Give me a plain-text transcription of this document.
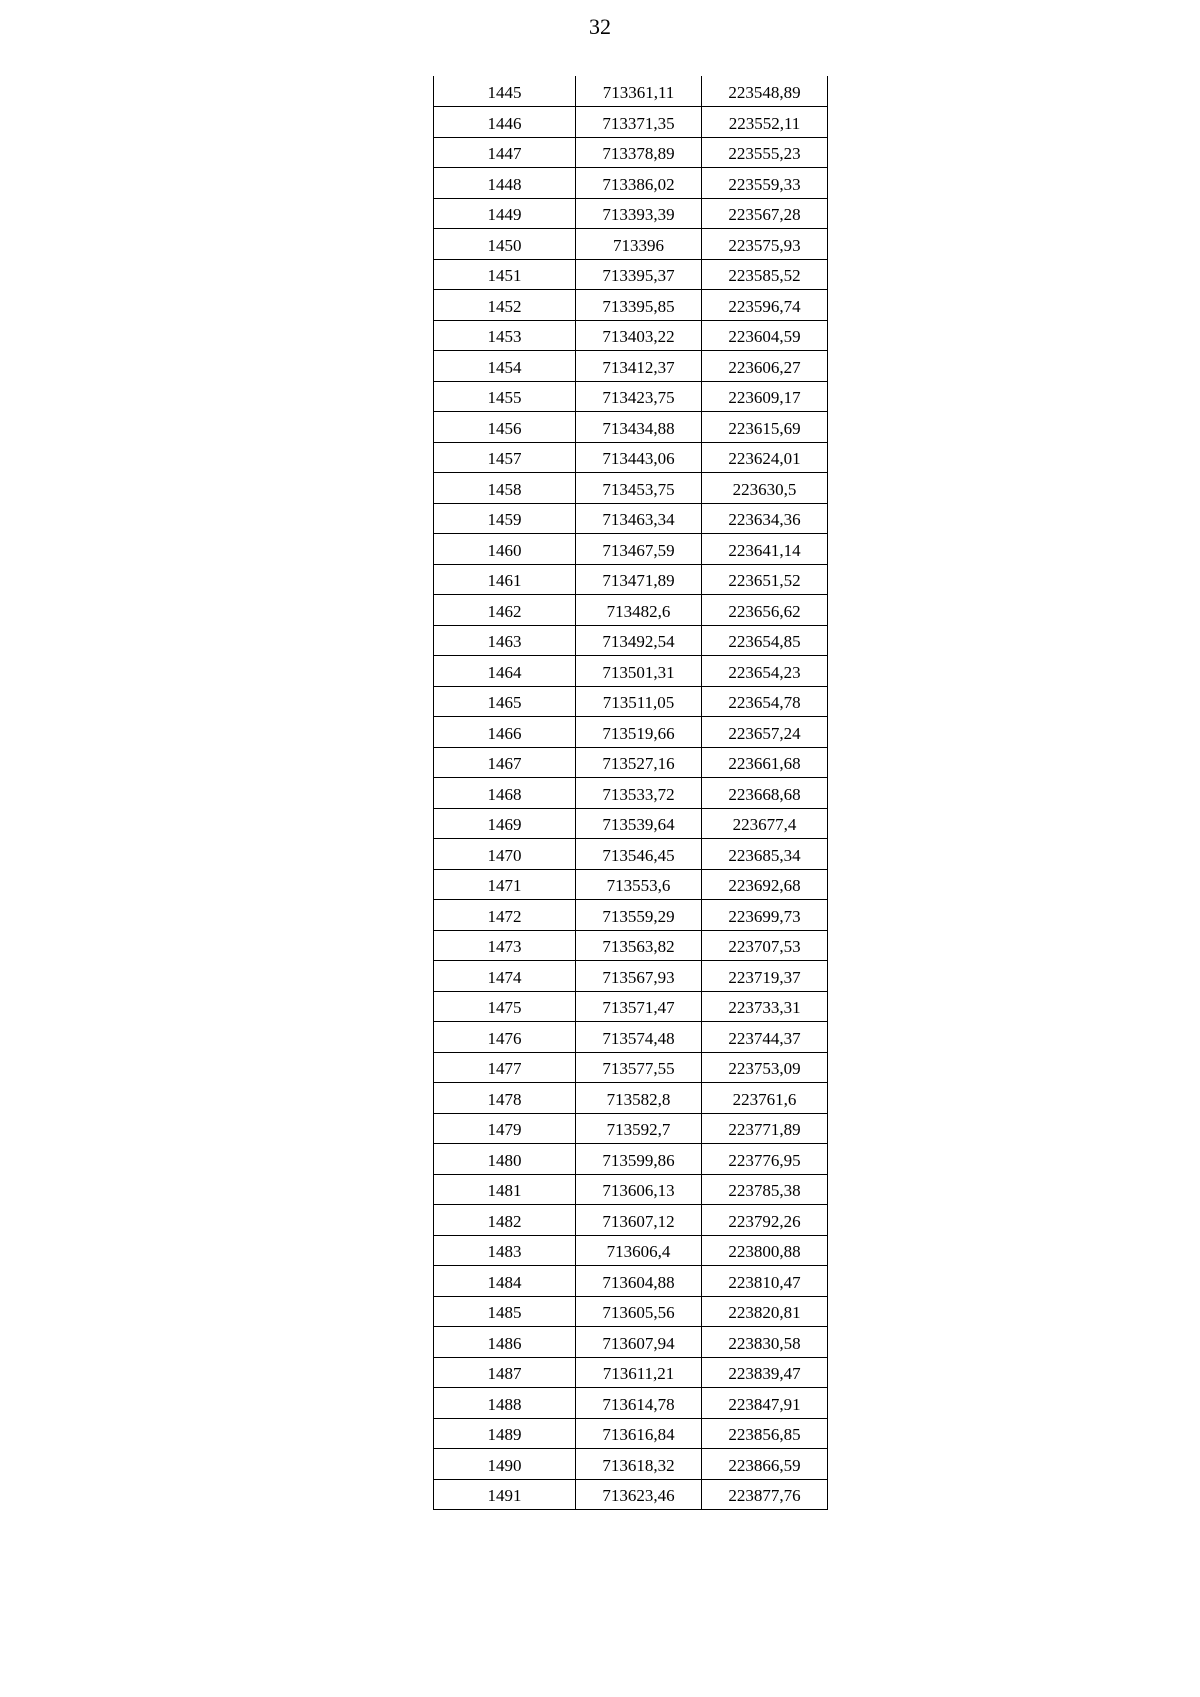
32
1445	713361,11	223548,89
1446	713371,35	223552,11
1447	713378,89	223555,23
1448	713386,02	223559,33
1449	713393,39	223567,28
1450	713396	223575,93
1451	713395,37	223585,52
1452	713395,85	223596,74
1453	713403,22	223604,59
1454	713412,37	223606,27
1455	713423,75	223609,17
1456	713434,88	223615,69
1457	713443,06	223624,01
1458	713453,75	223630,5
1459	713463,34	223634,36
1460	713467,59	223641,14
1461	713471,89	223651,52
1462	713482,6	223656,62
1463	713492,54	223654,85
1464	713501,31	223654,23
1465	713511,05	223654,78
1466	713519,66	223657,24
1467	713527,16	223661,68
1468	713533,72	223668,68
1469	713539,64	223677,4
1470	713546,45	223685,34
1471	713553,6	223692,68
1472	713559,29	223699,73
1473	713563,82	223707,53
1474	713567,93	223719,37
1475	713571,47	223733,31
1476	713574,48	223744,37
1477	713577,55	223753,09
1478	713582,8	223761,6
1479	713592,7	223771,89
1480	713599,86	223776,95
1481	713606,13	223785,38
1482	713607,12	223792,26
1483	713606,4	223800,88
1484	713604,88	223810,47
1485	713605,56	223820,81
1486	713607,94	223830,58
1487	713611,21	223839,47
1488	713614,78	223847,91
1489	713616,84	223856,85
1490	713618,32	223866,59
1491	713623,46	223877,76
